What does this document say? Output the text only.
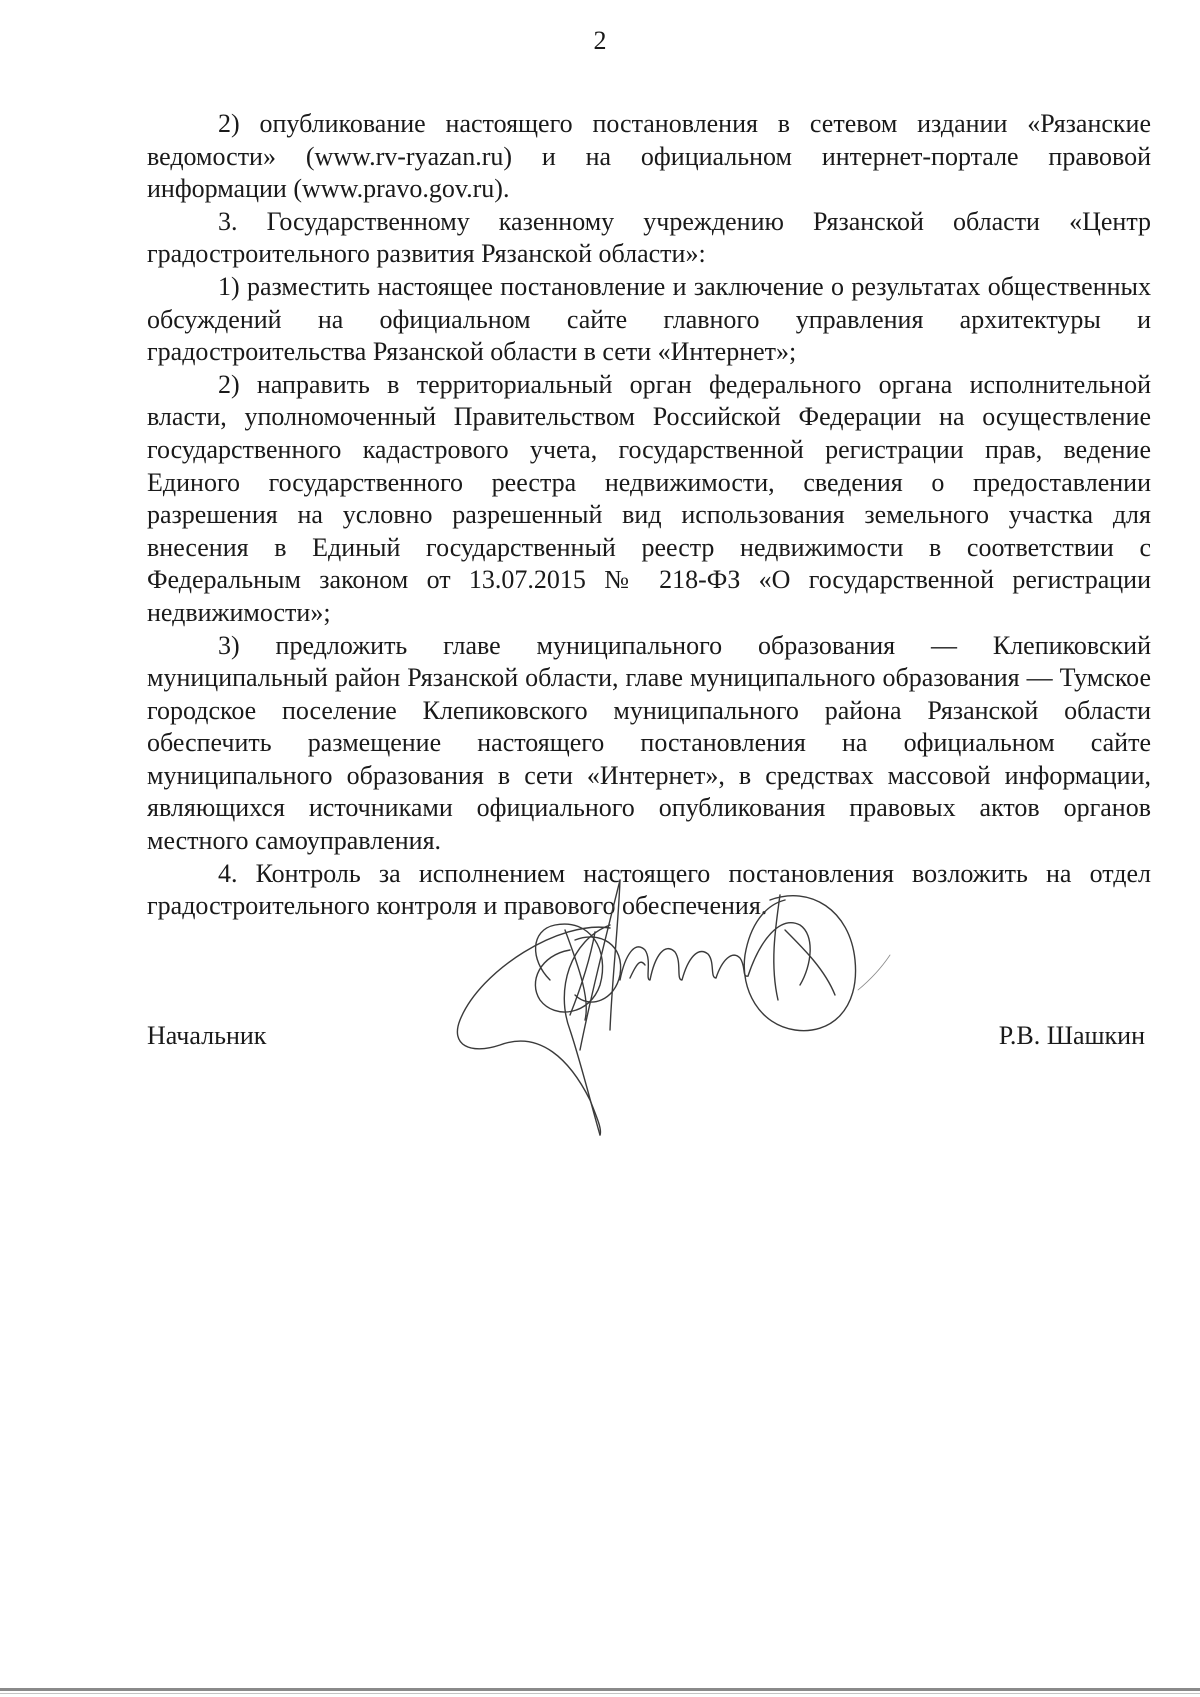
2

2) опубликование настоящего постановления в сетевом издании «Рязанские ведомости» (www.rv-ryazan.ru) и на официальном интернет-портале правовой информации (www.pravo.gov.ru).

3. Государственному казенному учреждению Рязанской области «Центр градостроительного развития Рязанской области»:

1) разместить настоящее постановление и заключение о результатах общественных обсуждений на официальном сайте главного управления архитектуры и градостроительства Рязанской области в сети «Интернет»;

2) направить в территориальный орган федерального органа исполнительной власти, уполномоченный Правительством Российской Федерации на осуществление государственного кадастрового учета, государственной регистрации прав, ведение Единого государственного реестра недвижимости, сведения о предоставлении разрешения на условно разрешенный вид использования земельного участка для внесения в Единый государственный реестр недвижимости в соответствии с Федеральным законом от 13.07.2015 № 218-ФЗ «О государственной регистрации недвижимости»;

3) предложить главе муниципального образования — Клепиковский муниципальный район Рязанской области, главе муниципального образования — Тумское городское поселение Клепиковского муниципального района Рязанской области обеспечить размещение настоящего постановления на официальном сайте муниципального образования в сети «Интернет», в средствах массовой информации, являющихся источниками официального опубликования правовых актов органов местного самоуправления.

4. Контроль за исполнением настоящего постановления возложить на отдел градостроительного контроля и правового обеспечения.

Начальник	Р.В. Шашкин
